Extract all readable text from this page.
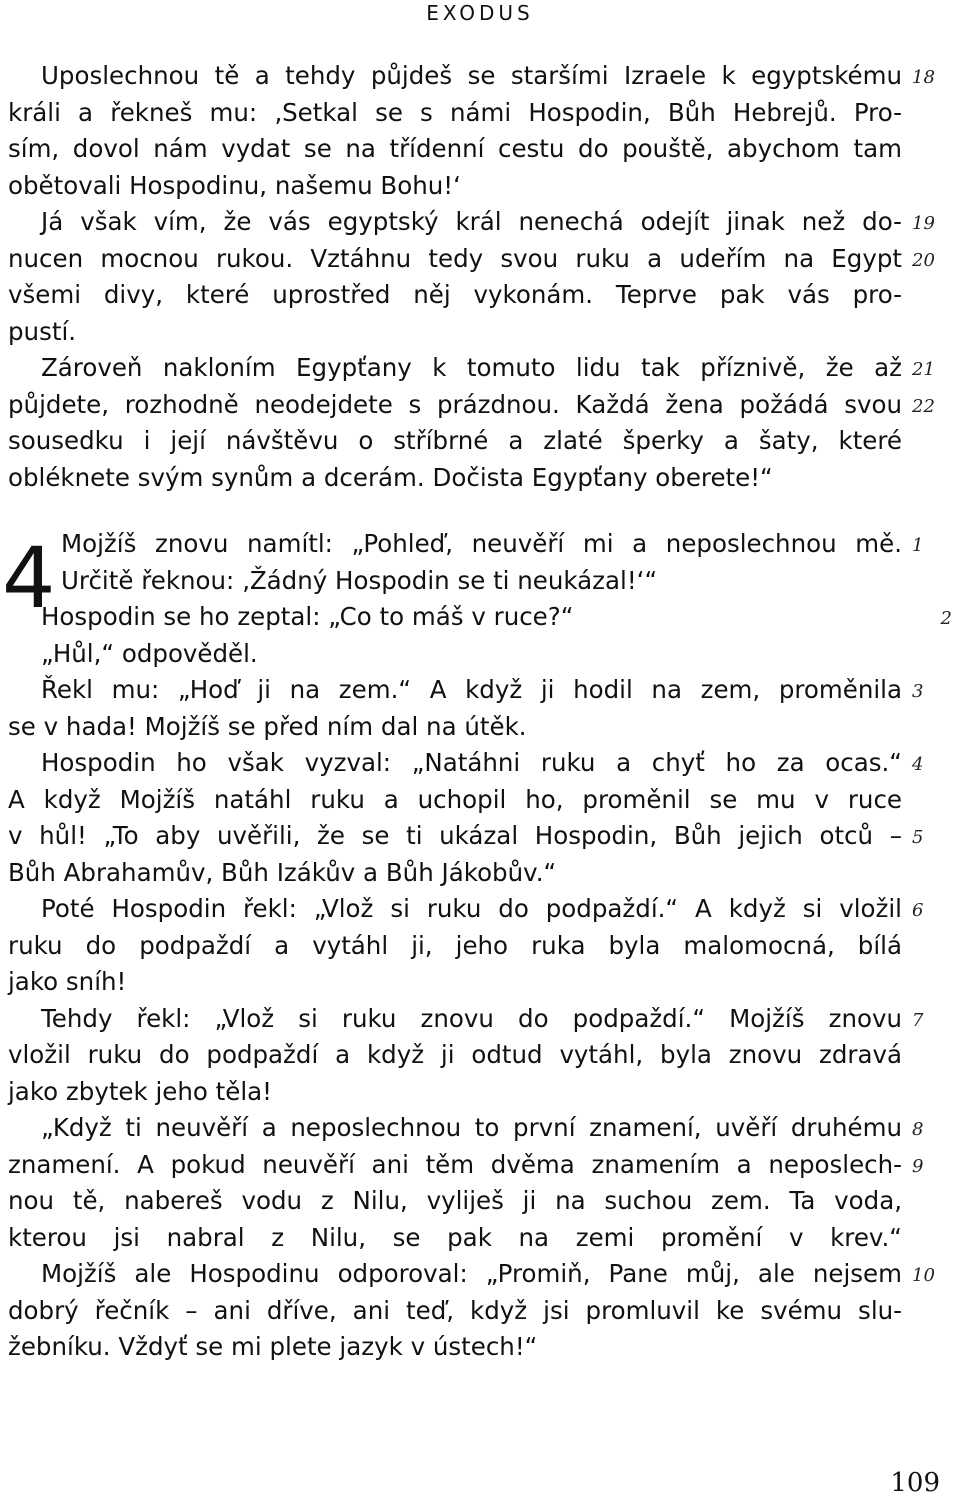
EXODUS
4
Uposlechnou tě a tehdy půjdeš se staršími Izraele k egyptskému 18
králi a řekneš mu: ‚Setkal se s námi Hospodin, Bůh Hebrejů. Pro-
sím, dovol nám vydat se na třídenní cestu do pouště, abychom tam
obětovali Hospodinu, našemu Bohu!‘
Já však vím, že vás egyptský král nenechá odejít jinak než do- 19
nucen mocnou rukou. Vztáhnu tedy svou ruku a udeřím na Egypt 20
všemi divy, které uprostřed něj vykonám. Teprve pak vás pro-
pustí.
Zároveň nakloním Egypťany k tomuto lidu tak příznivě, že až 21
půjdete, rozhodně neodejdete s prázdnou. Každá žena požádá svou 22
sousedku i její návštěvu o stříbrné a zlaté šperky a šaty, které
obléknete svým synům a dcerám. Dočista Egypťany oberete!“
Mojžíš znovu namítl: „Pohleď, neuvěří mi a neposlechnou mě. 1
Určitě řeknou: ‚Žádný Hospodin se ti neukázal!‘“
Hospodin se ho zeptal: „Co to máš v ruce?“	2
„Hůl,“ odpověděl.
Řekl mu: „Hoď ji na zem.“ A když ji hodil na zem, proměnila 3
se v hada! Mojžíš se před ním dal na útěk.
Hospodin ho však vyzval: „Natáhni ruku a chyť ho za ocas.“ 4
A když Mojžíš natáhl ruku a uchopil ho, proměnil se mu v ruce
v hůl! „To aby uvěřili, že se ti ukázal Hospodin, Bůh jejich otců – 5
Bůh Abrahamův, Bůh Izákův a Bůh Jákobův.“
Poté Hospodin řekl: „Vlož si ruku do podpaždí.“ A když si vložil 6
ruku do podpaždí a vytáhl ji, jeho ruka byla malomocná, bílá
jako sníh!
Tehdy řekl: „Vlož si ruku znovu do podpaždí.“ Mojžíš znovu 7
vložil ruku do podpaždí a když ji odtud vytáhl, byla znovu zdravá
jako zbytek jeho těla!
„Když ti neuvěří a neposlechnou to první znamení, uvěří druhému 8
znamení. A pokud neuvěří ani těm dvěma znamením a neposlech- 9
nou tě, nabereš vodu z Nilu, vyliješ ji na suchou zem. Ta voda,
kterou jsi nabral z Nilu, se pak na zemi promění v krev.“
Mojžíš ale Hospodinu odporoval: „Promiň, Pane můj, ale nejsem 10
dobrý řečník – ani dříve, ani teď, když jsi promluvil ke svému slu-
žebníku. Vždyť se mi plete jazyk v ústech!“
109
